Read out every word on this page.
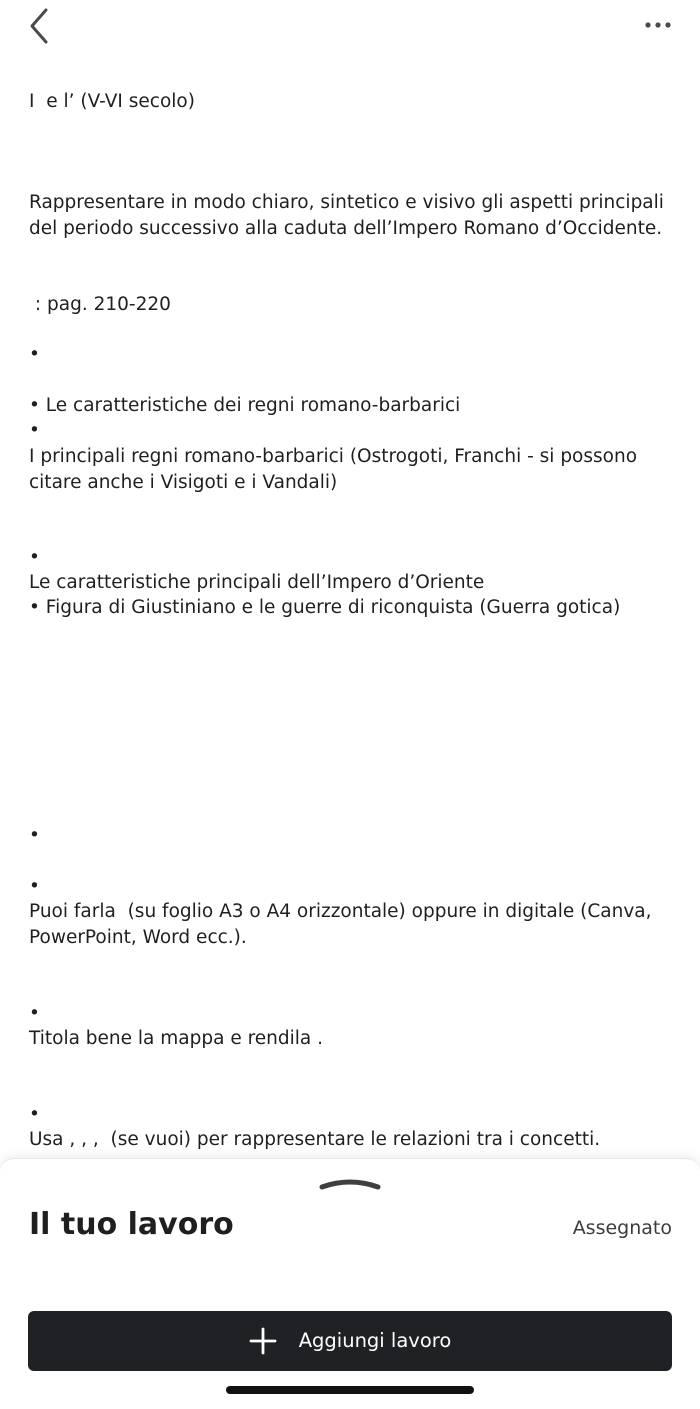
I  e l’ (V-VI secolo)
Rappresentare in modo chiaro, sintetico e visivo gli aspetti principali del periodo successivo alla caduta dell’Impero Romano d’Occidente.
: pag. 210-220
•
• Le caratteristiche dei regni romano-barbarici
•
I principali regni romano-barbarici (Ostrogoti, Franchi - si possono citare anche i Visigoti e i Vandali)
•
Le caratteristiche principali dell’Impero d’Oriente
• Figura di Giustiniano e le guerre di riconquista (Guerra gotica)
•
•
Puoi farla  (su foglio A3 o A4 orizzontale) oppure in digitale (Canva, PowerPoint, Word ecc.).
•
Titola bene la mappa e rendila .
•
Usa , , ,  (se vuoi) per rappresentare le relazioni tra i concetti.
Il tuo lavoro	Assegnato
Aggiungi lavoro
